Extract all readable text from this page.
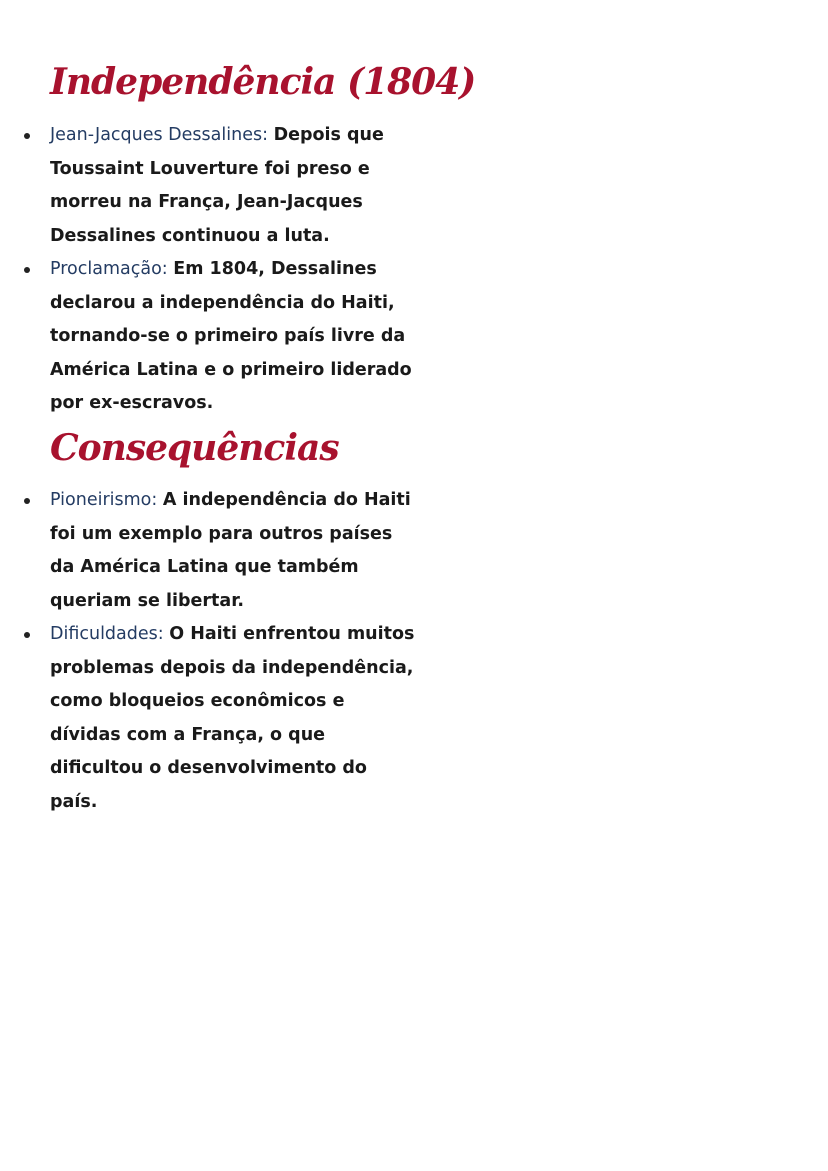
Independência (1804)
Jean-Jacques Dessalines: Depois que Toussaint Louverture foi preso e morreu na França, Jean-Jacques Dessalines continuou a luta.
Proclamação: Em 1804, Dessalines declarou a independência do Haiti, tornando-se o primeiro país livre da América Latina e o primeiro liderado por ex-escravos.
Consequências
Pioneirismo: A independência do Haiti foi um exemplo para outros países da América Latina que também queriam se libertar.
Dificuldades: O Haiti enfrentou muitos problemas depois da independência, como bloqueios econômicos e dívidas com a França, o que dificultou o desenvolvimento do país.
